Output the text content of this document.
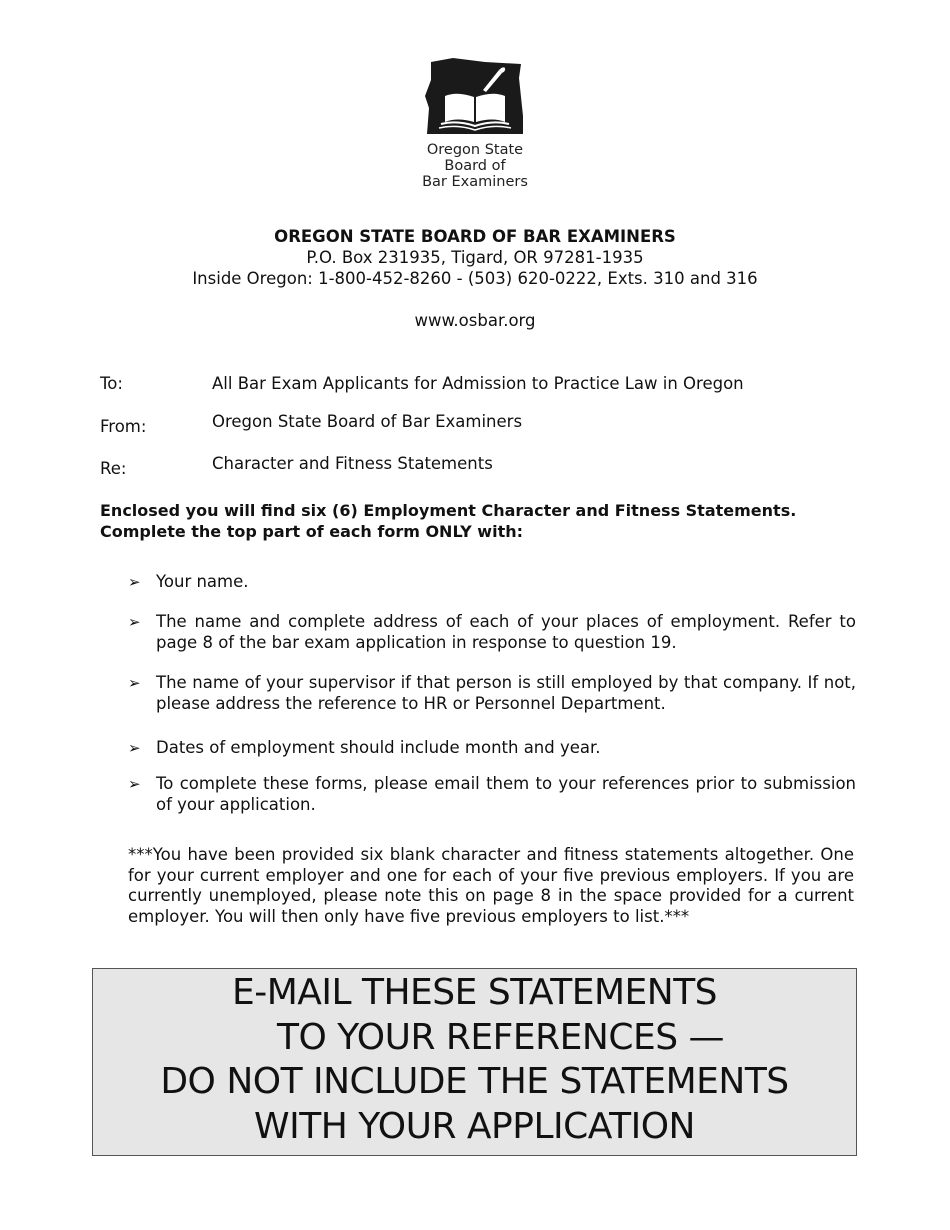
Oregon State
Board of
Bar Examiners
OREGON STATE BOARD OF BAR EXAMINERS
P.O. Box 231935, Tigard, OR 97281-1935
Inside Oregon: 1-800-452-8260 - (503) 620-0222, Exts. 310 and 316
www.osbar.org
To:	All Bar Exam Applicants for Admission to Practice Law in Oregon
From:	Oregon State Board of Bar Examiners
Re:	Character and Fitness Statements
Enclosed you will find six (6) Employment Character and Fitness Statements.
Complete the top part of each form ONLY with:
➢ Your name.
➢ The name and complete address of each of your places of employment. Refer to page 8 of the bar exam application in response to question 19.
➢ The name of your supervisor if that person is still employed by that company. If not, please address the reference to HR or Personnel Department.
➢ Dates of employment should include month and year.
➢ To complete these forms, please email them to your references prior to submission of your application.
***You have been provided six blank character and fitness statements altogether. One for your current employer and one for each of your five previous employers. If you are currently unemployed, please note this on page 8 in the space provided for a current employer. You will then only have five previous employers to list.***
E-MAIL THESE STATEMENTS
TO YOUR REFERENCES —
DO NOT INCLUDE THE STATEMENTS
WITH YOUR APPLICATION
